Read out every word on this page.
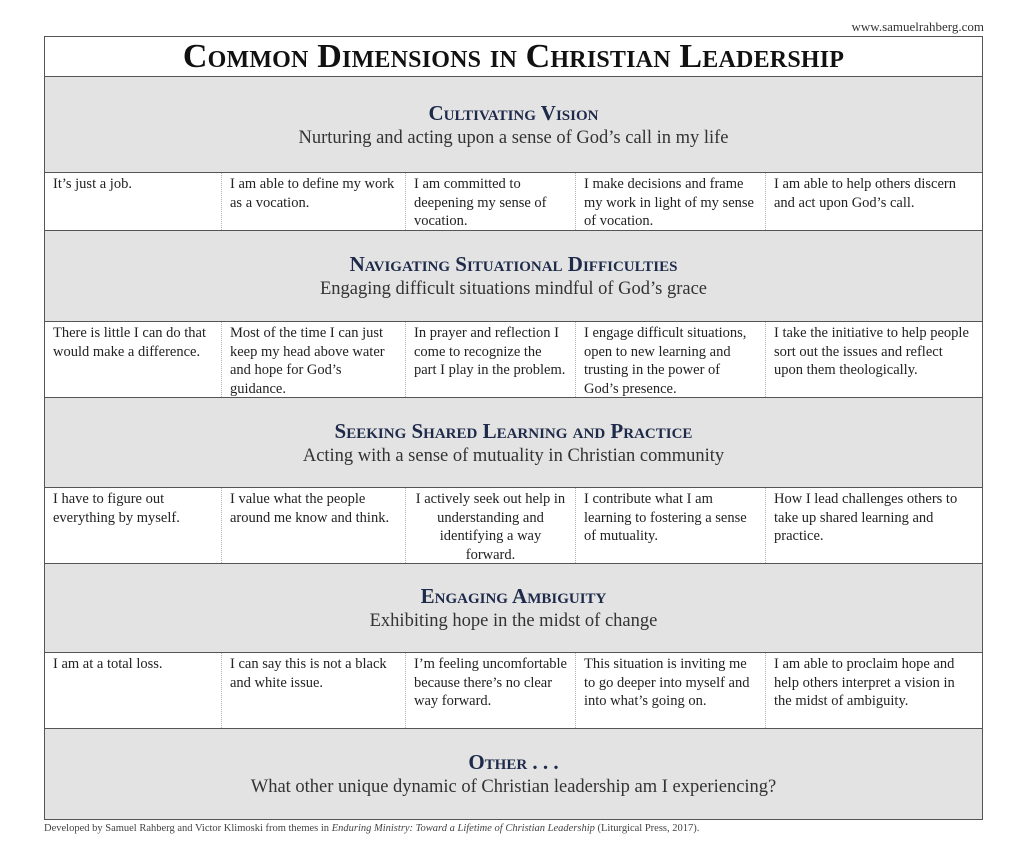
www.samuelrahberg.com
Common Dimensions in Christian Leadership
Cultivating Vision
Nurturing and acting upon a sense of God’s call in my life
It’s just a job.	I am able to define my work as a vocation.
I am committed to deepening my sense of vocation.
I make decisions and frame my work in light of my sense of vocation.
I am able to help others discern and act upon God’s call.
Navigating Situational Difficulties
Engaging difficult situations mindful of God’s grace
There is little I can do that would make a difference.
Most of the time I can just keep my head above water and hope for God’s guidance.
In prayer and reflection I come to recognize the part I play in the problem.
I engage difficult situations, open to new learning and trusting in the power of God’s presence.
I take the initiative to help people sort out the issues and reflect upon them theologically.
Seeking Shared Learning and Practice
Acting with a sense of mutuality in Christian community
I have to figure out everything by myself.
I value what the people around me know and think.
I actively seek out help in understanding and identifying a way forward.
I contribute what I am learning to fostering a sense of mutuality.
How I lead challenges others to take up shared learning and practice.
Engaging Ambiguity
Exhibiting hope in the midst of change
I am at a total loss.	I can say this is not a black and white issue.
I’m feeling uncomfortable because there’s no clear way forward.
This situation is inviting me to go deeper into myself and into what’s going on.
I am able to proclaim hope and help others interpret a vision in the midst of ambiguity.
Other . . .
What other unique dynamic of Christian leadership am I experiencing?
Developed by Samuel Rahberg and Victor Klimoski from themes in Enduring Ministry: Toward a Lifetime of Christian Leadership (Liturgical Press, 2017).
